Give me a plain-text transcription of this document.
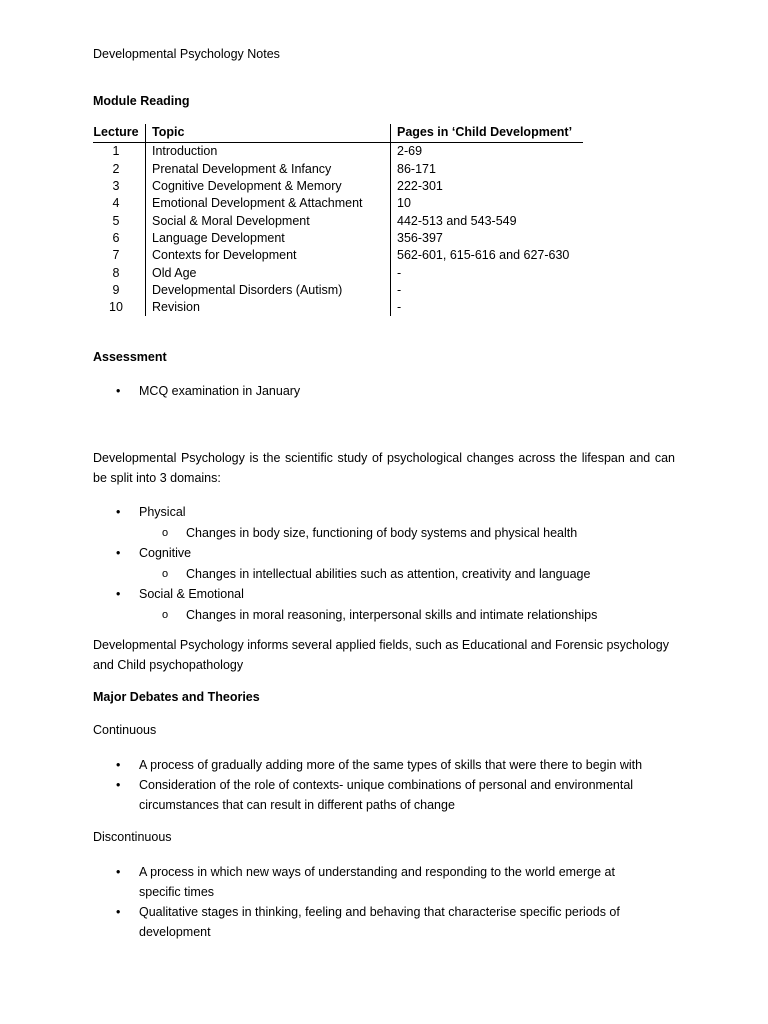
Developmental Psychology Notes
Module Reading
Lecture	Topic	Pages in ‘Child Development’
1	Introduction	2-69
2	Prenatal Development & Infancy	86-171
3	Cognitive Development & Memory	222-301
4	Emotional Development & Attachment	10
5	Social & Moral Development	442-513 and 543-549
6	Language Development	356-397
7	Contexts for Development	562-601, 615-616 and 627-630
8	Old Age	-
9	Developmental Disorders (Autism)	-
10	Revision	-
Assessment
• MCQ examination in January
Developmental Psychology is the scientific study of psychological changes across the lifespan and can be split into 3 domains:
• Physical
o Changes in body size, functioning of body systems and physical health
• Cognitive
o Changes in intellectual abilities such as attention, creativity and language
• Social & Emotional
o Changes in moral reasoning, interpersonal skills and intimate relationships
Developmental Psychology informs several applied fields, such as Educational and Forensic psychology and Child psychopathology
Major Debates and Theories
Continuous
• A process of gradually adding more of the same types of skills that were there to begin with
• Consideration of the role of contexts- unique combinations of personal and environmental circumstances that can result in different paths of change
Discontinuous
• A process in which new ways of understanding and responding to the world emerge at specific times
• Qualitative stages in thinking, feeling and behaving that characterise specific periods of development
